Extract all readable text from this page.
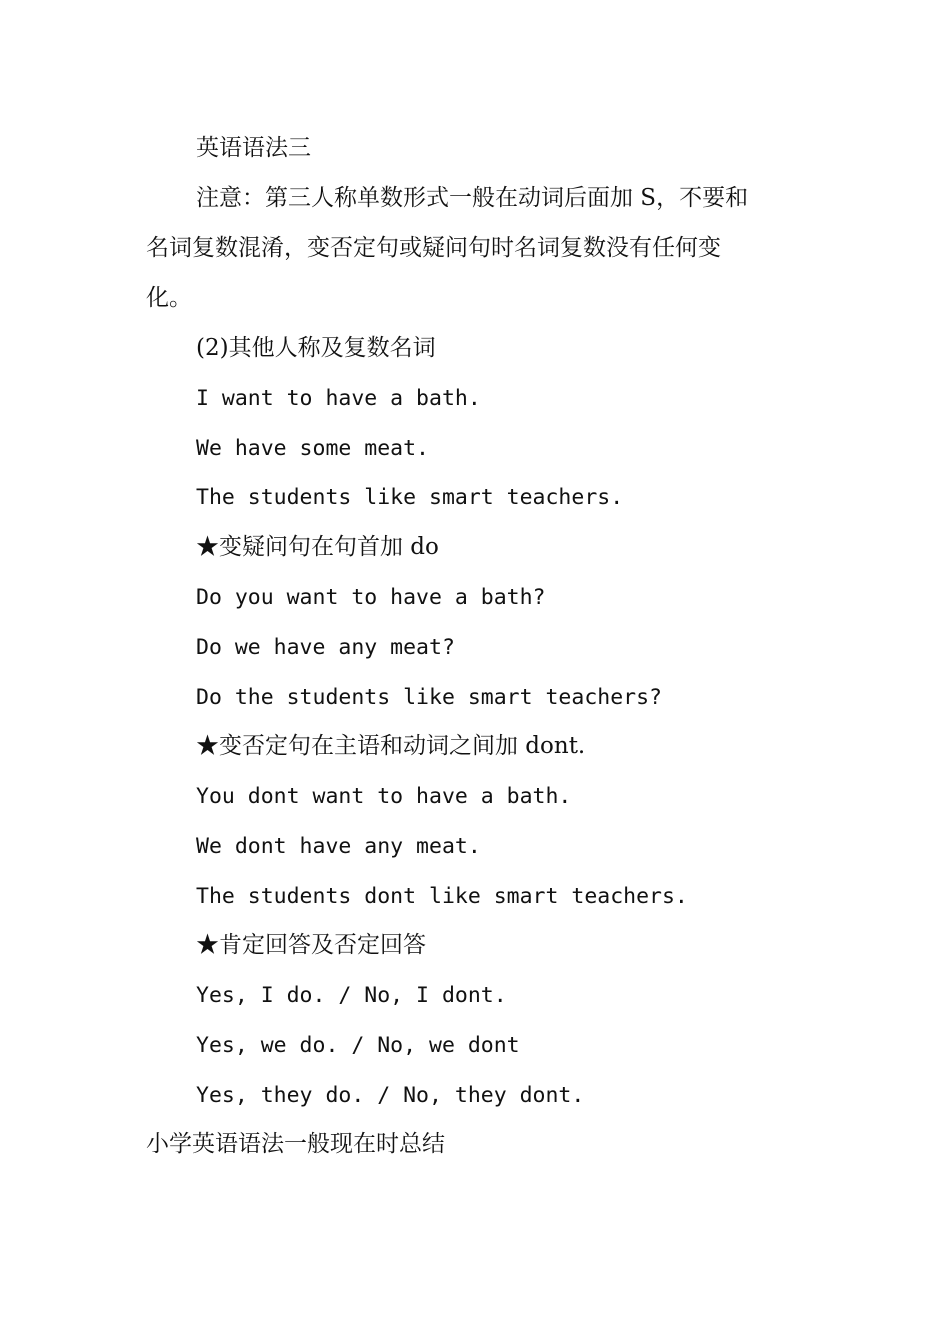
英语语法三
注意：第三人称单数形式一般在动词后面加 S，不要和
名词复数混淆，变否定句或疑问句时名词复数没有任何变
化。
(2)其他人称及复数名词
I want to have a bath.
We have some meat.
The students like smart teachers.
★变疑问句在句首加 do
Do you want to have a bath?
Do we have any meat?
Do the students like smart teachers?
★变否定句在主语和动词之间加 dont.
You dont want to have a bath.
We dont have any meat.
The students dont like smart teachers.
★肯定回答及否定回答
Yes, I do. / No, I dont.
Yes, we do. / No, we dont
Yes, they do. / No, they dont.
小学英语语法一般现在时总结
